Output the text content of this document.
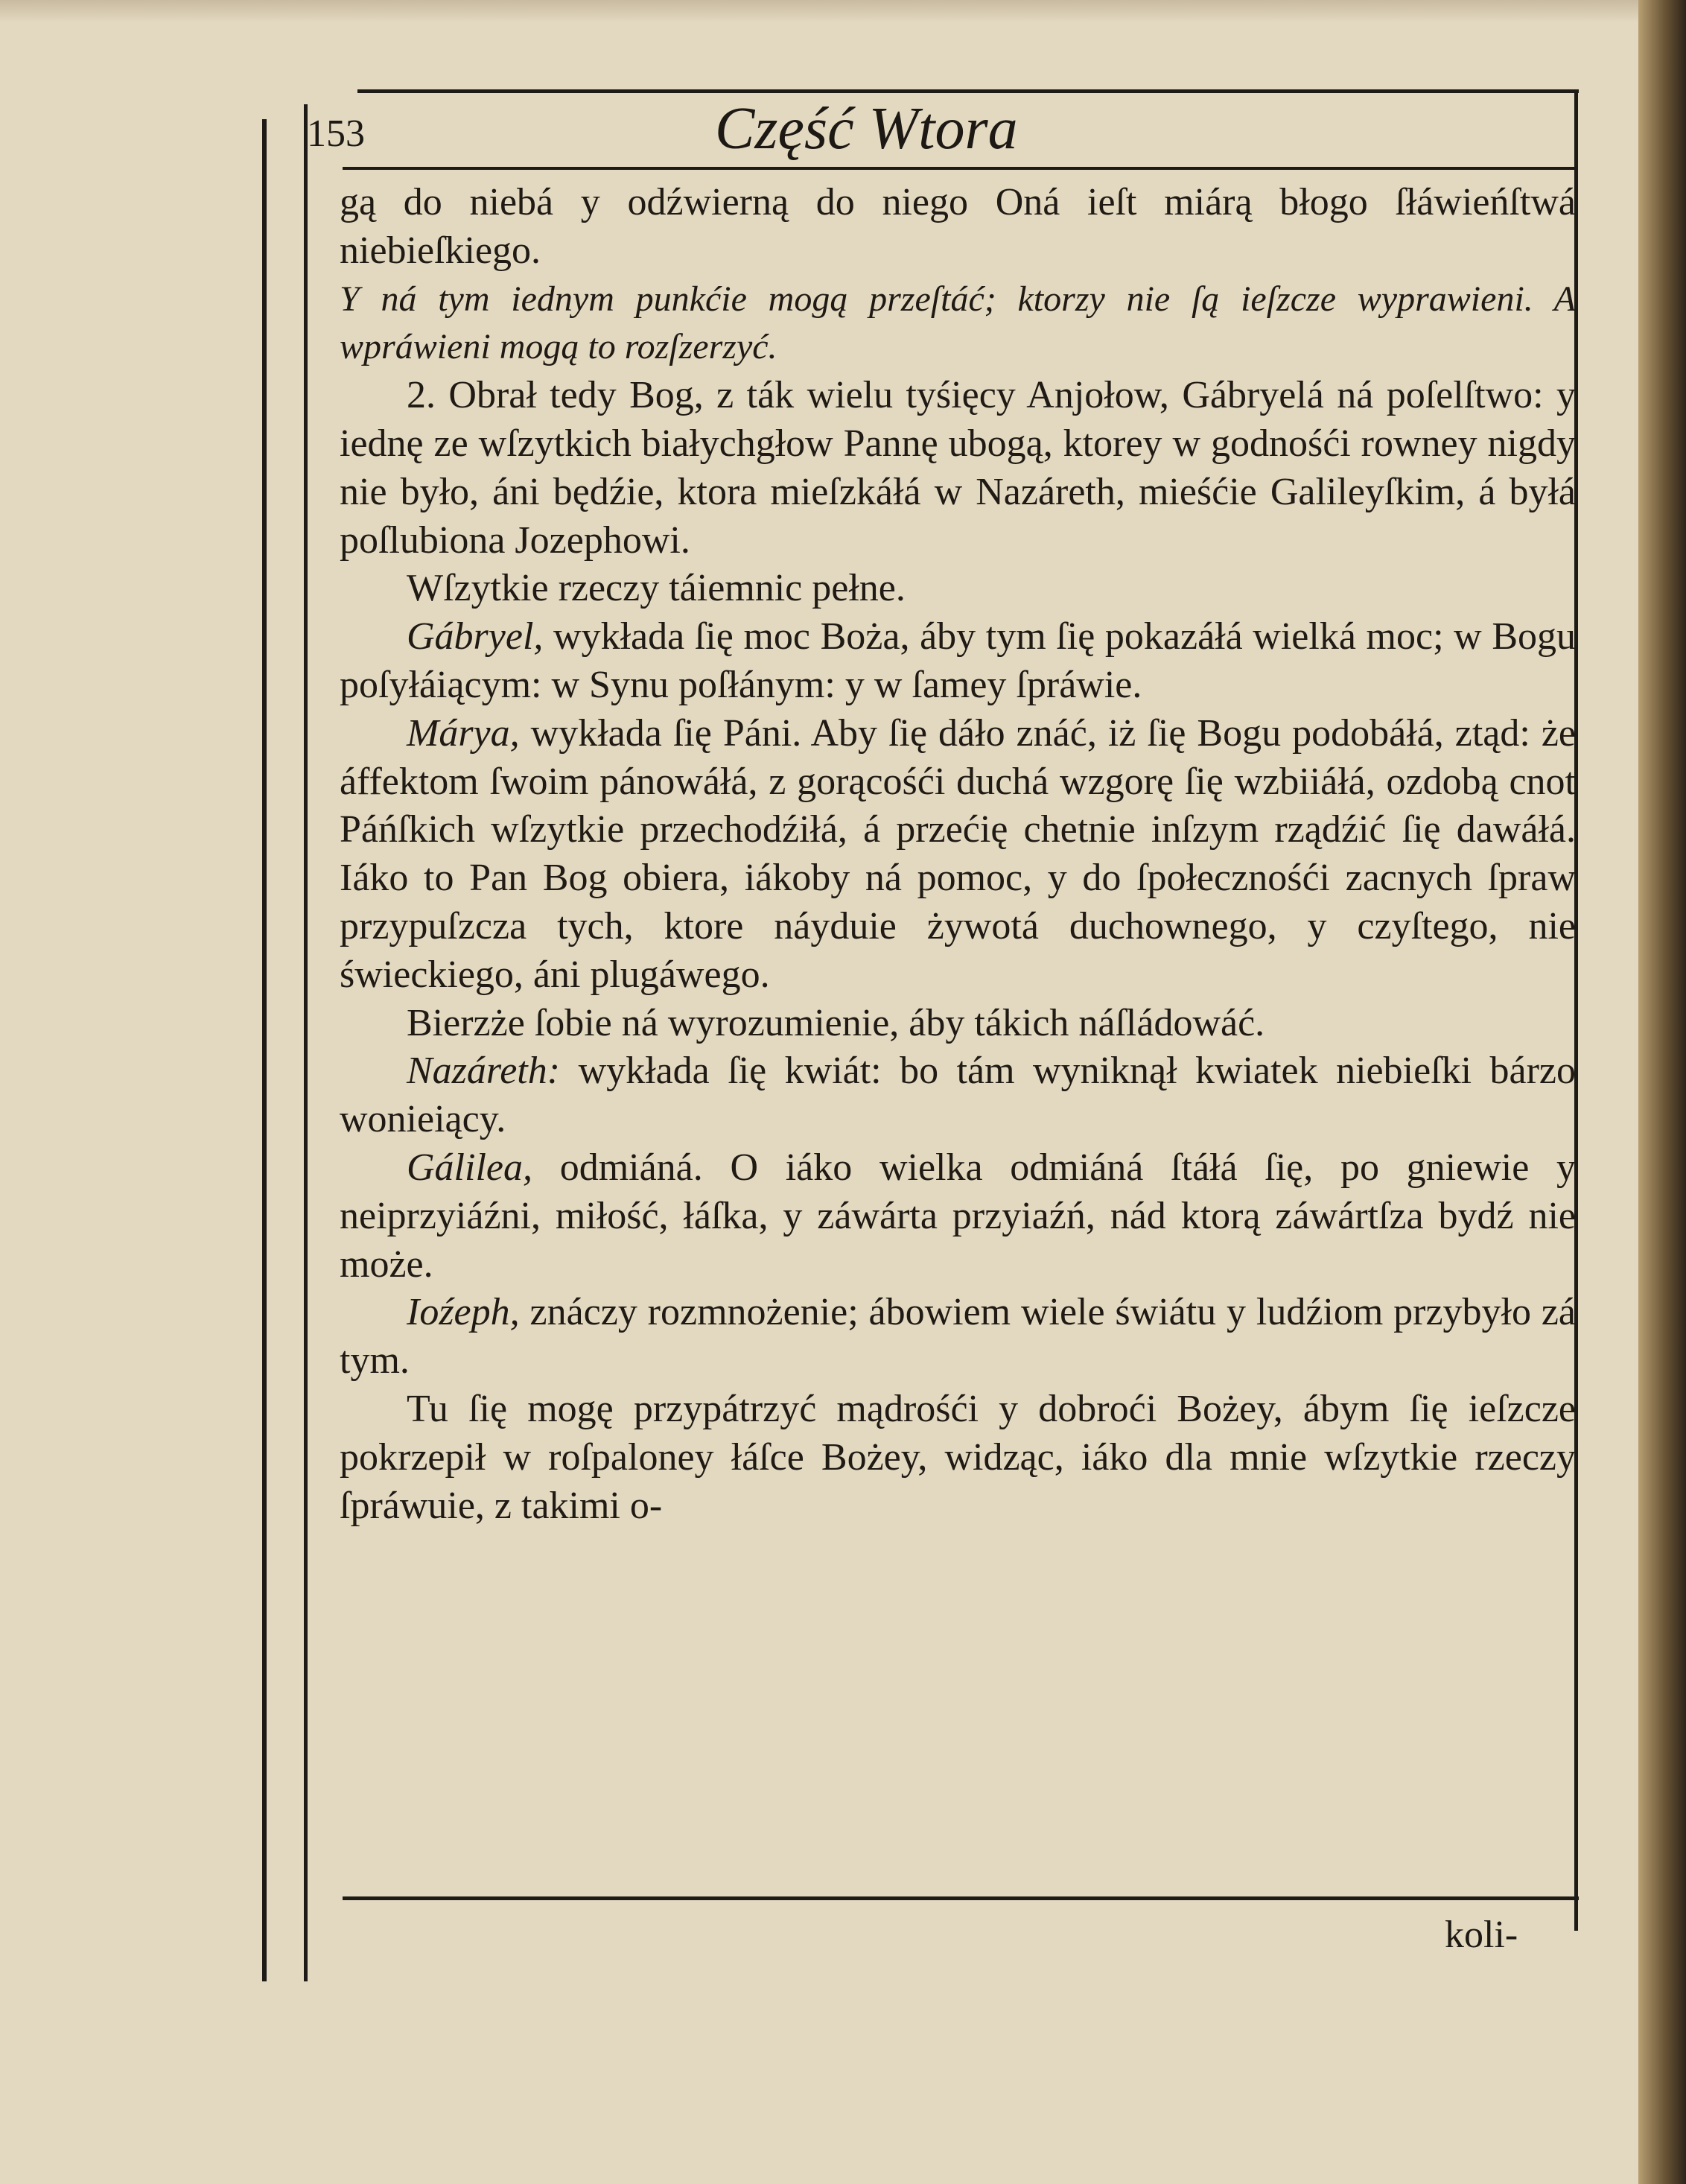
153	Część Wtora

gą do niebá y odźwierną do niego Oná ieſt miárą błogo ſłáwieńſtwá niebieſkiego.

Y ná tym iednym punkćie mogą przeſtáć; ktorzy nie ſą ieſzcze wyprawieni. A wpráwieni mogą to rozſzerzyć.

2. Obrał tedy Bog, z ták wielu tyśięcy Anjołow, Gábryelá ná poſelſtwo: y iednę ze wſzytkich białychgłow Pannę ubogą, ktorey w godnośći rowney nigdy nie było, áni będźie, ktora mieſzkáłá w Nazáreth, mieśćie Galileyſkim, á byłá poſlubiona Jozephowi.

Wſzytkie rzeczy táiemnic pełne.

Gábryel, wykłada ſię moc Boża, áby tym ſię pokazáłá wielká moc; w Bogu poſyłáiącym: w Synu poſłánym: y w ſamey ſpráwie.

Márya, wykłada ſię Páni. Aby ſię dáło znáć, iż ſię Bogu podobáłá, ztąd: że áffektom ſwoim pánowáłá, z gorącośći duchá wzgorę ſię wzbiiáłá, ozdobą cnot Páńſkich wſzytkie przechodźiłá, á przećię chetnie inſzym rządźić ſię dawáłá. Iáko to Pan Bog obiera, iákoby ná pomoc, y do ſpołecznośći zacnych ſpraw przypuſzcza tych, ktore náyduie żywotá duchownego, y czyſtego, nie świeckiego, áni plugáwego.

Bierzże ſobie ná wyrozumienie, áby tákich náſládowáć.

Nazáreth: wykłada ſię kwiát: bo tám wyniknął kwiatek niebieſki bárzo wonieiący.

Gálilea, odmiáná. O iáko wielka odmiáná ſtáłá ſię, po gniewie y neiprzyiáźni, miłość, łáſka, y záwárta przyiaźń, nád ktorą záwártſza bydź nie może.

Ioźeph, znáczy rozmnożenie; ábowiem wiele świátu y ludźiom przybyło zá tym.

Tu ſię mogę przypátrzyć mądrośći y dobroći Bożey, ábym ſię ieſzcze pokrzepił w roſpaloney łáſce Bożey, widząc, iáko dla mnie wſzytkie rzeczy ſpráwuie, z takimi o-

koli-
